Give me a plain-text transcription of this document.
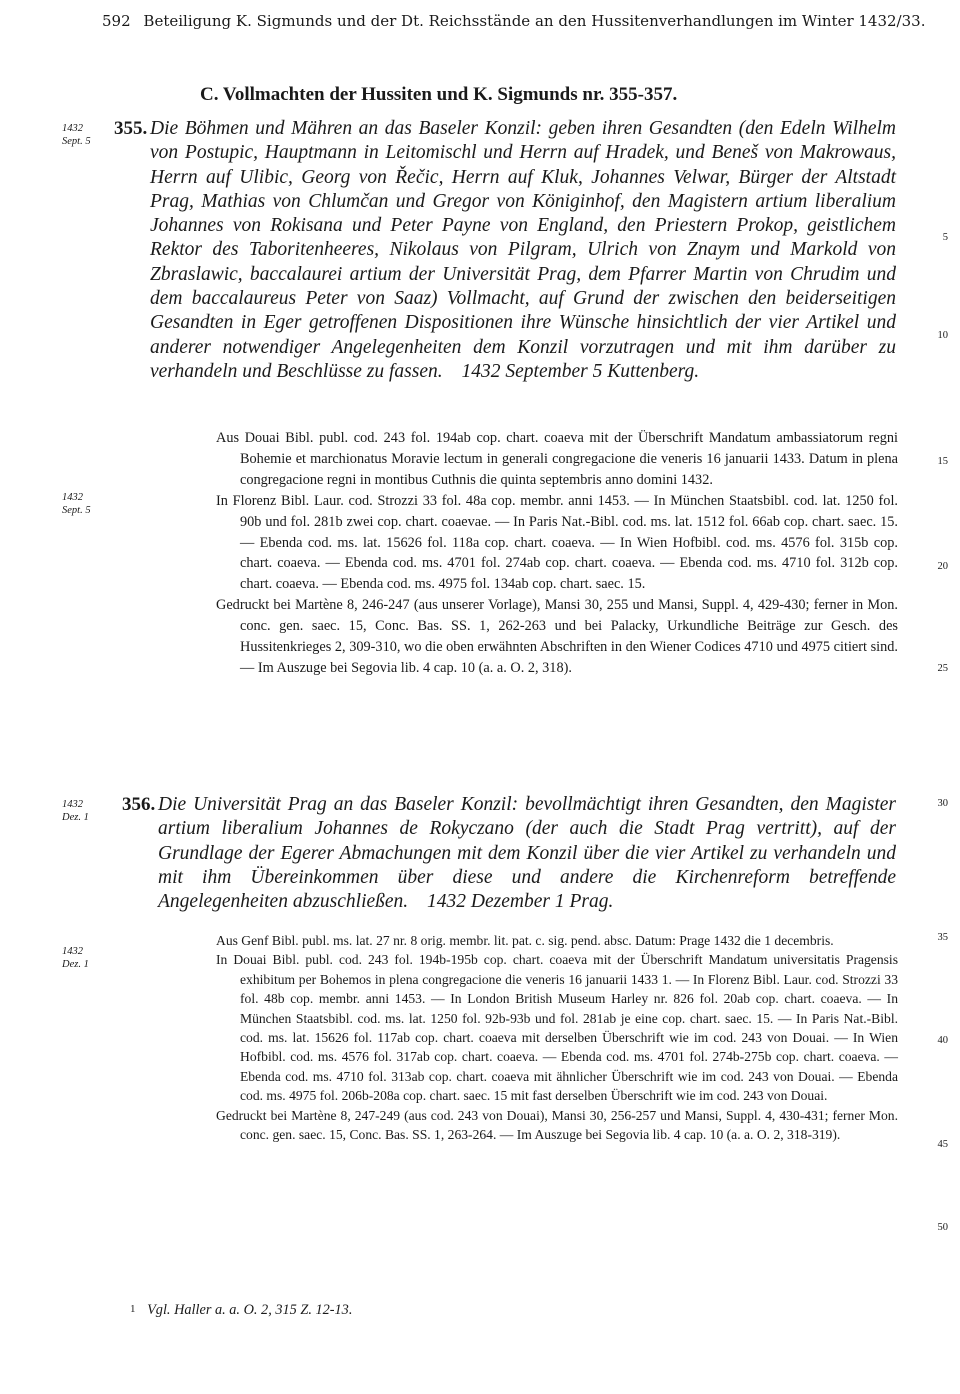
592 Beteiligung K. Sigmunds und der Dt. Reichsstände an den Hussitenverhandlungen im Winter 1432/33.
C. Vollmachten der Hussiten und K. Sigmunds nr. 355-357.
1432
Sept. 5
355. Die Böhmen und Mähren an das Baseler Konzil: geben ihren Gesandten (den Edeln Wilhelm von Postupic, Hauptmann in Leitomischl und Herrn auf Hradek, und Beneš von Makrowaus, Herrn auf Ulibic, Georg von Řečic, Herrn auf Kluk, Johannes Velwar, Bürger der Altstadt Prag, Mathias von Chlumčan und Gregor von Königinhof, den Magistern artium liberalium Johannes von Rokisana und Peter Payne von England, den Priestern Prokop, geistlichem Rektor des Taboritenheeres, Nikolaus von Pilgram, Ulrich von Znaym und Markold von Zbraslawic, baccalaurei artium der Universität Prag, dem Pfarrer Martin von Chrudim und dem baccalaureus Peter von Saaz) Vollmacht, auf Grund der zwischen den beiderseitigen Gesandten in Eger getroffenen Dispositionen ihre Wünsche hinsichtlich der vier Artikel und anderer notwendiger Angelegenheiten dem Konzil vorzutragen und mit ihm darüber zu verhandeln und Beschlüsse zu fassen. 1432 September 5 Kuttenberg.
1432
Sept. 5

Aus Douai Bibl. publ. cod. 243 fol. 194ab cop. chart. coaeva mit der Überschrift Mandatum ambassiatorum regni Bohemie et marchionatus Moravie lectum in generali congregacione die veneris 16 januarii 1433. Datum in plena congregacione regni in montibus Cuthnis die quinta septembris anno domini 1432.

In Florenz Bibl. Laur. cod. Strozzi 33 fol. 48a cop. membr. anni 1453. — In München Staatsbibl. cod. lat. 1250 fol. 90b und fol. 281b zwei cop. chart. coaevae. — In Paris Nat.-Bibl. cod. ms. lat. 1512 fol. 66ab cop. chart. saec. 15. — Ebenda cod. ms. lat. 15626 fol. 118a cop. chart. coaeva. — In Wien Hofbibl. cod. ms. 4576 fol. 315b cop. chart. coaeva. — Ebenda cod. ms. 4701 fol. 274ab cop. chart. coaeva. — Ebenda cod. ms. 4710 fol. 312b cop. chart. coaeva. — Ebenda cod. ms. 4975 fol. 134ab cop. chart. saec. 15.

Gedruckt bei Martène 8, 246-247 (aus unserer Vorlage), Mansi 30, 255 und Mansi, Suppl. 4, 429-430; ferner in Mon. conc. gen. saec. 15, Conc. Bas. SS. 1, 262-263 und bei Palacky, Urkundliche Beiträge zur Gesch. des Hussitenkrieges 2, 309-310, wo die oben erwähnten Abschriften in den Wiener Codices 4710 und 4975 citiert sind. — Im Auszuge bei Segovia lib. 4 cap. 10 (a. a. O. 2, 318).

1432
Dez. 1
356. Die Universität Prag an das Baseler Konzil: bevollmächtigt ihren Gesandten, den Magister artium liberalium Johannes de Rokyczano (der auch die Stadt Prag vertritt), auf der Grundlage der Egerer Abmachungen mit dem Konzil über die vier Artikel zu verhandeln und mit ihm Übereinkommen über diese und andere die Kirchenreform betreffende Angelegenheiten abzuschließen. 1432 Dezember 1 Prag.
1432
Dez. 1

Aus Genf Bibl. publ. ms. lat. 27 nr. 8 orig. membr. lit. pat. c. sig. pend. absc. Datum: Prage 1432 die 1 decembris.

In Douai Bibl. publ. cod. 243 fol. 194b-195b cop. chart. coaeva mit der Überschrift Mandatum universitatis Pragensis exhibitum per Bohemos in plena congregacione die veneris 16 januarii 1433 1. — In Florenz Bibl. Laur. cod. Strozzi 33 fol. 48b cop. membr. anni 1453. — In London British Museum Harley nr. 826 fol. 20ab cop. chart. coaeva. — In München Staatsbibl. cod. ms. lat. 1250 fol. 92b-93b und fol. 281ab je eine cop. chart. saec. 15. — In Paris Nat.-Bibl. cod. ms. lat. 15626 fol. 117ab cop. chart. coaeva mit derselben Überschrift wie im cod. 243 von Douai. — In Wien Hofbibl. cod. ms. 4576 fol. 317ab cop. chart. coaeva. — Ebenda cod. ms. 4701 fol. 274b-275b cop. chart. coaeva. — Ebenda cod. ms. 4710 fol. 313ab cop. chart. coaeva mit ähnlicher Überschrift wie im cod. 243 von Douai. — Ebenda cod. ms. 4975 fol. 206b-208a cop. chart. saec. 15 mit fast derselben Überschrift wie im cod. 243 von Douai.

Gedruckt bei Martène 8, 247-249 (aus cod. 243 von Douai), Mansi 30, 256-257 und Mansi, Suppl. 4, 430-431; ferner Mon. conc. gen. saec. 15, Conc. Bas. SS. 1, 263-264. — Im Auszuge bei Segovia lib. 4 cap. 10 (a. a. O. 2, 318-319).

5
10
15
20
25
30
35
40
45
50
1 Vgl. Haller a. a. O. 2, 315 Z. 12-13.
